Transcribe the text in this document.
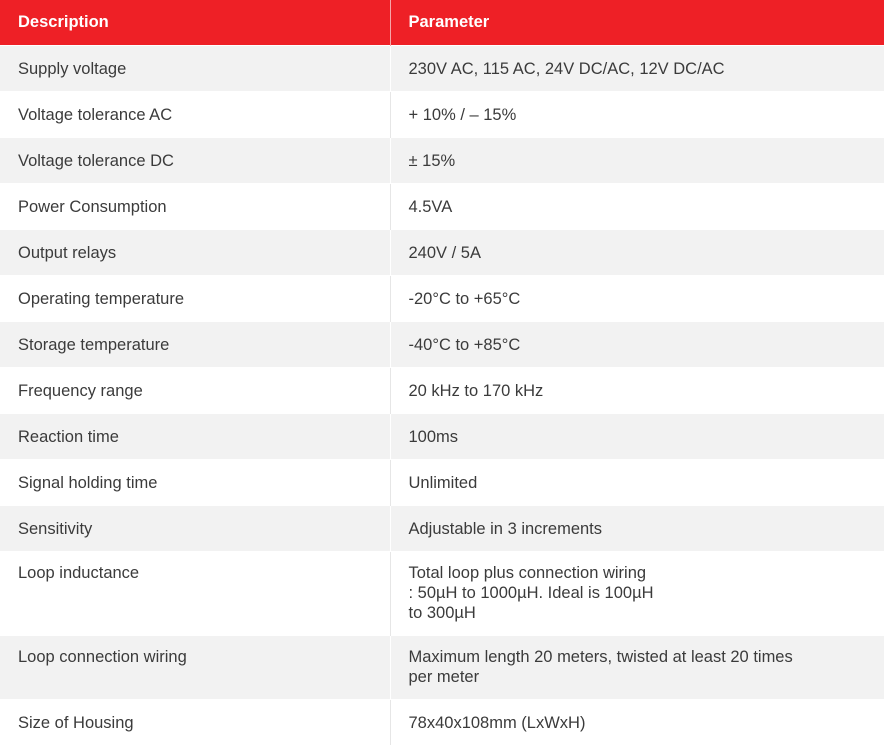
Description	Parameter
Supply voltage	230V AC, 115 AC, 24V DC/AC, 12V DC/AC
Voltage tolerance AC	+ 10% / – 15%
Voltage tolerance DC	± 15%
Power Consumption	4.5VA
Output relays	240V / 5A
Operating temperature	-20°C to +65°C
Storage temperature	-40°C to +85°C
Frequency range	20 kHz to 170 kHz
Reaction time	100ms
Signal holding time	Unlimited
Sensitivity	Adjustable in 3 increments
Loop inductance	Total loop plus connection wiring
: 50µH to 1000µH. Ideal is 100µH
to 300µH
Loop connection wiring	Maximum length 20 meters, twisted at least 20 times
per meter
Size of Housing	78x40x108mm (LxWxH)
